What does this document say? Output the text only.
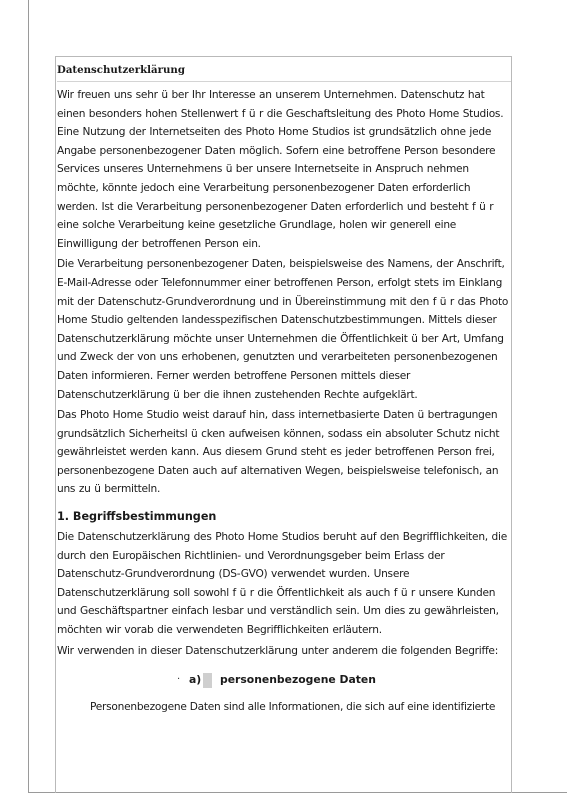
Datenschutzerklärung

Wir freuen uns sehr ü ber Ihr Interesse an unserem Unternehmen. Datenschutz hat einen besonders hohen Stellenwert f ü r die Geschaftsleitung des Photo Home Studios. Eine Nutzung der Internetseiten des Photo Home Studios ist grundsätzlich ohne jede Angabe personenbezogener Daten möglich. Sofern eine betroffene Person besondere Services unseres Unternehmens ü ber unsere Internetseite in Anspruch nehmen möchte, könnte jedoch eine Verarbeitung personenbezogener Daten erforderlich werden. Ist die Verarbeitung personenbezogener Daten erforderlich und besteht f ü r eine solche Verarbeitung keine gesetzliche Grundlage, holen wir generell eine Einwilligung der betroffenen Person ein.

Die Verarbeitung personenbezogener Daten, beispielsweise des Namens, der Anschrift, E-Mail-Adresse oder Telefonnummer einer betroffenen Person, erfolgt stets im Einklang mit der Datenschutz-Grundverordnung und in Übereinstimmung mit den f ü r das Photo Home Studio geltenden landesspezifischen Datenschutzbestimmungen. Mittels dieser Datenschutzerklärung möchte unser Unternehmen die Öffentlichkeit ü ber Art, Umfang und Zweck der von uns erhobenen, genutzten und verarbeiteten personenbezogenen Daten informieren. Ferner werden betroffene Personen mittels dieser Datenschutzerklärung ü ber die ihnen zustehenden Rechte aufgeklärt.

Das Photo Home Studio weist darauf hin, dass internetbasierte Daten ü bertragungen grundsätzlich Sicherheitsl ü cken aufweisen können, sodass ein absoluter Schutz nicht gewährleistet werden kann. Aus diesem Grund steht es jeder betroffenen Person frei, personenbezogene Daten auch auf alternativen Wegen, beispielsweise telefonisch, an uns zu ü bermitteln.

1. Begriffsbestimmungen

Die Datenschutzerklärung des Photo Home Studios beruht auf den Begrifflichkeiten, die durch den Europäischen Richtlinien- und Verordnungsgeber beim Erlass der Datenschutz-Grundverordnung (DS-GVO) verwendet wurden. Unsere Datenschutzerklärung soll sowohl f ü r die Öffentlichkeit als auch f ü r unsere Kunden und Geschäftspartner einfach lesbar und verständlich sein. Um dies zu gewährleisten, möchten wir vorab die verwendeten Begrifflichkeiten erläutern.

Wir verwenden in dieser Datenschutzerklärung unter anderem die folgenden Begriffe:

· a) personenbezogene Daten
Personenbezogene Daten sind alle Informationen, die sich auf eine identifizierte
